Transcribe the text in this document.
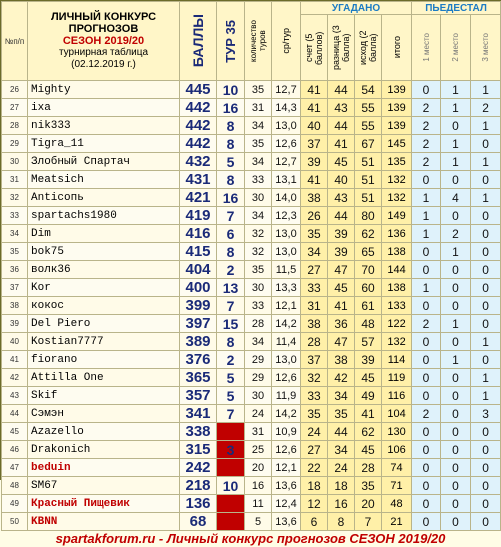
№п/п	ЛИЧНЫЙ КОНКУРС
ПРОГНОЗОВ
СЕЗОН 2019/20
турнирная таблица
(02.12.2019 г.)	БАЛЛЫ	ТУР 35	количество туров	ср/тур	УГАДАНО				ПЬЕДЕСТАЛ		

						счет (5 баллов)	разница (3 балла)	исход (2 балла)	итого	1 место	2 место	3 место

26	Mighty	445	10	35	12,7	41	44	54	139	0	1	1
27	ixa	442	16	31	14,3	41	43	55	139	2	1	2
28	nik333	442	8	34	13,0	40	44	55	139	2	0	1
29	Tigra_11	442	8	35	12,6	37	41	67	145	2	1	0
30	Злобный Спартач	432	5	34	12,7	39	45	51	135	2	1	1
31	Meatsich	431	8	33	13,1	41	40	51	132	0	0	0
32	Anticoпь	421	16	30	14,0	38	43	51	132	1	4	1
33	spartachs1980	419	7	34	12,3	26	44	80	149	1	0	0
34	Dim	416	6	32	13,0	35	39	62	136	1	2	0
35	bok75	415	8	32	13,0	34	39	65	138	0	1	0
36	волк36	404	2	35	11,5	27	47	70	144	0	0	0
37	Kor	400	13	30	13,3	33	45	60	138	1	0	0
38	кокос	399	7	33	12,1	31	41	61	133	0	0	0
39	Del Piero	397	15	28	14,2	38	36	48	122	2	1	0
40	Kostian7777	389	8	34	11,4	28	47	57	132	0	0	1
41	fiorano	376	2	29	13,0	37	38	39	114	0	1	0
42	Attilla One	365	5	29	12,6	32	42	45	119	0	0	1
43	Skif	357	5	30	11,9	33	34	49	116	0	0	1
44	Сэмэн	341	7	24	14,2	35	35	41	104	2	0	3
45	Azazello	338		31	10,9	24	44	62	130	0	0	0
46	Drakonich	315	3	25	12,6	27	34	45	106	0	0	0
47	beduin	242		20	12,1	22	24	28	74	0	0	0
48	SM67	218	10	16	13,6	18	18	35	71	0	0	0
49	Красный Пищевик	136		11	12,4	12	16	20	48	0	0	0
50	KBNN	68		5	13,6	6	8	7	21	0	0	0
spartakforum.ru - Личный конкурс прогнозов СЕЗОН 2019/20
